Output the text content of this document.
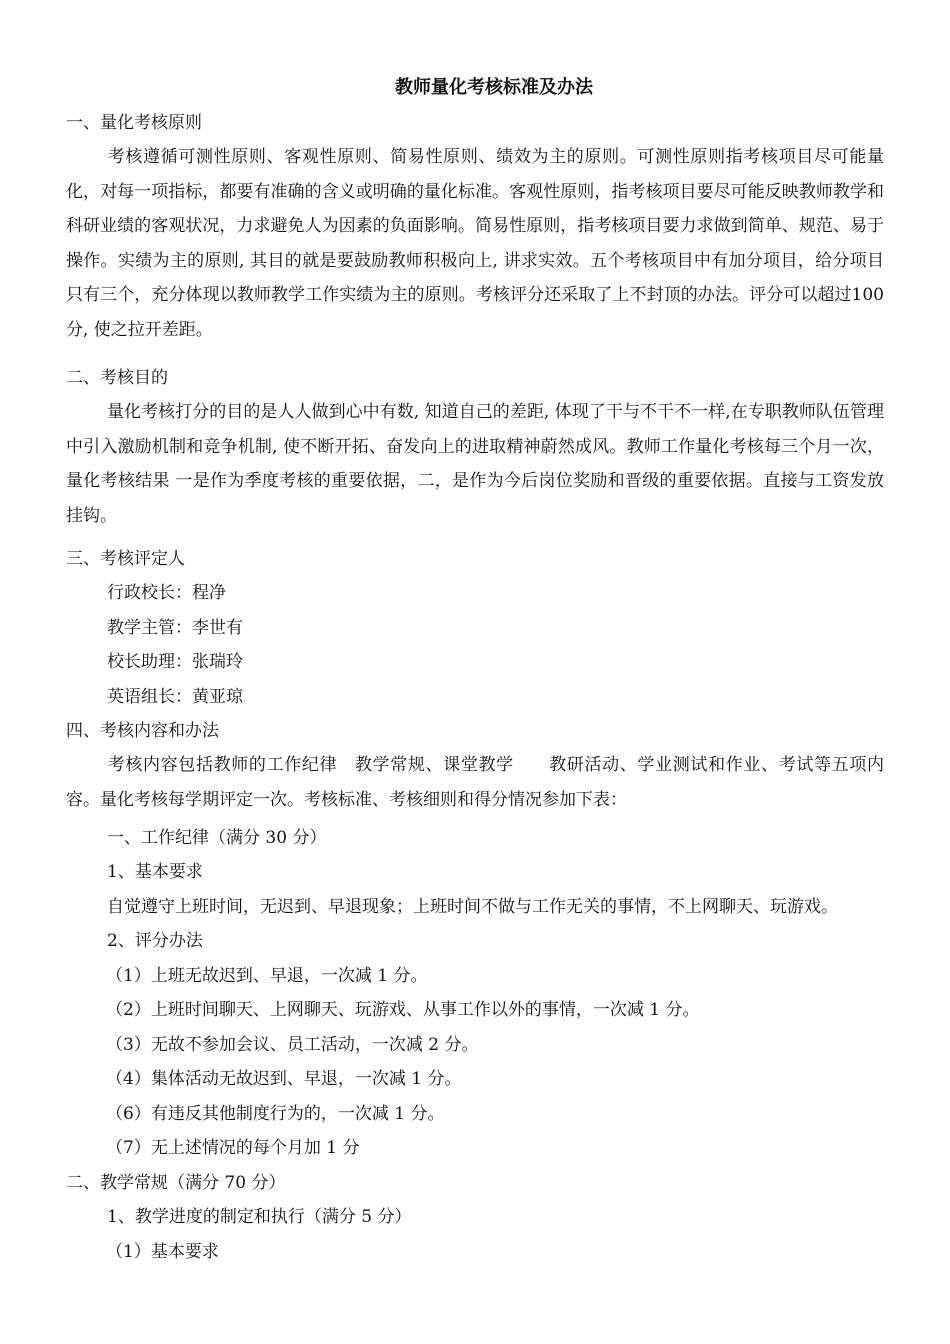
教师量化考核标准及办法
一、量化考核原则
考核遵循可测性原则、客观性原则、简易性原则、绩效为主的原则。可测性原则指考核项目尽可能量化，对每一项指标，都要有准确的含义或明确的量化标准。客观性原则，指考核项目要尽可能反映教师教学和科研业绩的客观状况，力求避免人为因素的负面影响。简易性原则，指考核项目要力求做到简单、规范、易于操作。实绩为主的原则, 其目的就是要鼓励教师积极向上, 讲求实效。五个考核项目中有加分项目，给分项目只有三个，充分体现以教师教学工作实绩为主的原则。考核评分还采取了上不封顶的办法。评分可以超过100 分, 使之拉开差距。
二、考核目的
量化考核打分的目的是人人做到心中有数, 知道自己的差距, 体现了干与不干不一样,在专职教师队伍管理中引入激励机制和竞争机制, 使不断开拓、奋发向上的进取精神蔚然成风。教师工作量化考核每三个月一次，量化考核结果 一是作为季度考核的重要依据，二，是作为今后岗位奖励和晋级的重要依据。直接与工资发放挂钩。
三、考核评定人
行政校长：程净
教学主管：李世有
校长助理：张瑞玲
英语组长：黄亚琼
四、考核内容和办法
考核内容包括教师的工作纪律　教学常规、课堂教学　　教研活动、学业测试和作业、考试等五项内容。量化考核每学期评定一次。考核标准、考核细则和得分情况参加下表：
一、工作纪律（满分 30 分）
1、基本要求
自觉遵守上班时间，无迟到、早退现象；上班时间不做与工作无关的事情，不上网聊天、玩游戏。
2、评分办法
（1）上班无故迟到、早退，一次减 1 分。
（2）上班时间聊天、上网聊天、玩游戏、从事工作以外的事情，一次减 1 分。
（3）无故不参加会议、员工活动，一次减 2 分。
（4）集体活动无故迟到、早退，一次减 1 分。
（6）有违反其他制度行为的，一次减 1 分。
（7）无上述情况的每个月加 1 分
二、教学常规（满分 70 分）
1、教学进度的制定和执行（满分 5 分）
（1）基本要求
